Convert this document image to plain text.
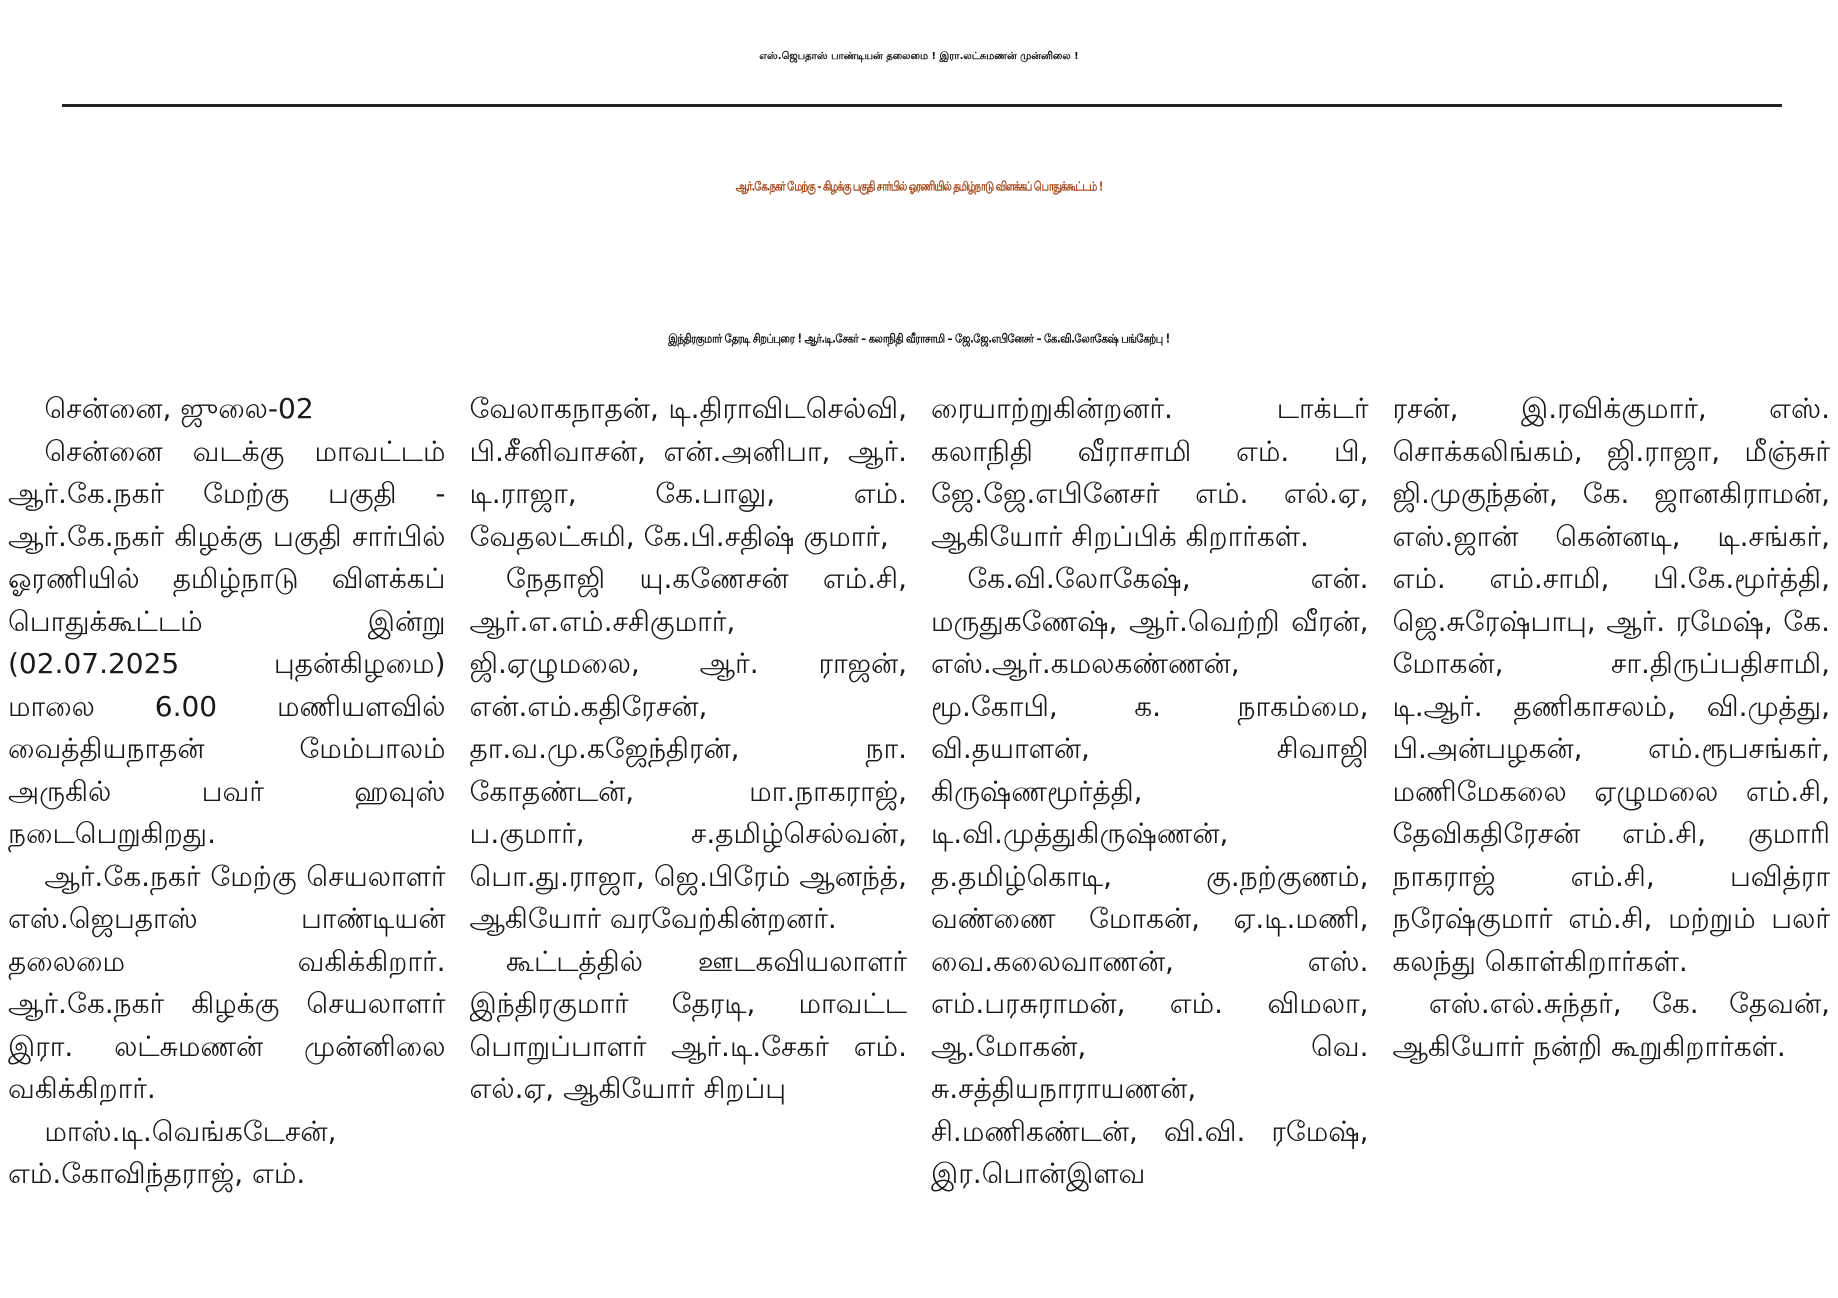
எஸ்.ஜெபதாஸ் பாண்டியன் தலைமை ! இரா.லட்சுமணன் முன்னிலை !
ஆர்.கே.நகர் மேற்கு - கிழக்கு பகுதி சார்பில் ஓரணியில் தமிழ்நாடு விளக்கப் பொதுக்கூட்டம் !
இந்திரகுமார் தேரடி சிறப்புரை ! ஆர்.டி.சேகர் – கலாநிதி வீராசாமி – ஜே.ஜே.எபினேசர் – கே.வி.லோகேஷ் பங்கேற்பு !

சென்னை, ஜுலை-02

சென்னை வடக்கு மாவட்டம் ஆர்.கே.நகர் மேற்கு பகுதி - ஆர்.கே.நகர் கிழக்கு பகுதி சார்பில் ஓரணியில் தமிழ்நாடு விளக்கப் பொதுக்கூட்டம் இன்று (02.07.2025 புதன்கிழமை) மாலை 6.00 மணியளவில் வைத்தியநாதன் மேம்பாலம் அருகில் பவர் ஹவுஸ் நடைபெறுகிறது.

ஆர்.கே.நகர் மேற்கு செயலாளர் எஸ்.ஜெபதாஸ் பாண்டியன் தலைமை வகிக்கிறார். ஆர்.கே.நகர் கிழக்கு செயலாளர் இரா. லட்சுமணன் முன்னிலை வகிக்கிறார்.

மாஸ்.டி.வெங்கடேசன், எம்.கோவிந்தராஜ், எம்.

வேலாகநாதன், டி.திராவிடசெல்வி, பி.சீனிவாசன், என்.அனிபா, ஆர். டி.ராஜா, கே.பாலு, எம். வேதலட்சுமி, கே.பி.சதிஷ் குமார்,

நேதாஜி யு.கணேசன் எம்.சி, ஆர்.எ.எம்.சசிகுமார், ஜி.ஏழுமலை, ஆர். ராஜன், என்.எம்.கதிரேசன், தா.வ.மு.கஜேந்திரன், நா. கோதண்டன், மா.நாகராஜ், ப.குமார், ச.தமிழ்செல்வன், பொ.து.ராஜா, ஜெ.பிரேம் ஆனந்த், ஆகியோர் வரவேற்கின்றனர்.

கூட்டத்தில் ஊடகவியலாளர் இந்திரகுமார் தேரடி, மாவட்ட பொறுப்பாளர் ஆர்.டி.சேகர் எம். எல்.ஏ, ஆகியோர் சிறப்பு

ரையாற்றுகின்றனர். டாக்டர் கலாநிதி வீராசாமி எம். பி, ஜே.ஜே.எபினேசர் எம். எல்.ஏ, ஆகியோர் சிறப்பிக் கிறார்கள்.

கே.வி.லோகேஷ், என். மருதுகணேஷ், ஆர்.வெற்றி வீரன், எஸ்.ஆர்.கமலகண்ணன், மூ.கோபி, க. நாகம்மை, வி.தயாளன், சிவாஜி கிருஷ்ணமூர்த்தி, டி.வி.முத்துகிருஷ்ணன், த.தமிழ்கொடி, கு.நற்குணம், வண்ணை மோகன், ஏ.டி.மணி, வை.கலைவாணன், எஸ். எம்.பரசுராமன், எம். விமலா, ஆ.மோகன், வெ. சு.சத்தியநாராயணன், சி.மணிகண்டன், வி.வி. ரமேஷ், இர.பொன்இளவ

ரசன், இ.ரவிக்குமார், எஸ். சொக்கலிங்கம், ஜி.ராஜா, மீஞ்சுர் ஜி.முகுந்தன், கே. ஜானகிராமன், எஸ்.ஜான் கென்னடி, டி.சங்கர், எம். எம்.சாமி, பி.கே.மூர்த்தி, ஜெ.சுரேஷ்பாபு, ஆர். ரமேஷ், கே. மோகன், சா.திருப்பதிசாமி, டி.ஆர். தணிகாசலம், வி.முத்து, பி.அன்பழகன், எம்.ரூபசங்கர், மணிமேகலை ஏழுமலை எம்.சி, தேவிகதிரேசன் எம்.சி, குமாரி நாகராஜ் எம்.சி, பவித்ரா நரேஷ்குமார் எம்.சி, மற்றும் பலர் கலந்து கொள்கிறார்கள்.

எஸ்.எல்.சுந்தர், கே. தேவன், ஆகியோர் நன்றி கூறுகிறார்கள்.
